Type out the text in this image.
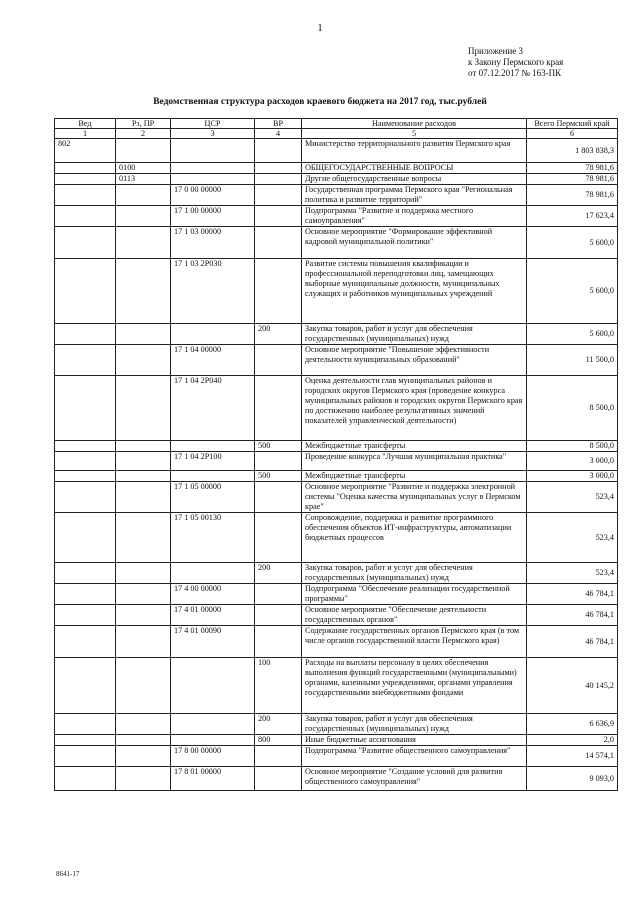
1
Приложение 3
к Закону Пермского края
от 07.12.2017 № 163-ПК
Ведомственная структура расходов краевого бюджета на 2017 год, тыс.рублей
Вед	Рз, ПР	ЦСР	ВР	Наименование расходов	Всего Пермский край
1	2	3	4	5	6
802				Министерство территориального развития Пермского края	1 803 838,3
	0100			ОБЩЕГОСУДАРСТВЕННЫЕ ВОПРОСЫ	78 981,6
	0113			Другие общегосударственные вопросы	78 981,6
		17 0 00 00000		Государственная программа Пермского края "Региональная политика и развитие территорий"	78 981,6
		17 1 00 00000		Подпрограмма "Развитие и поддержка местного самоуправления"	17 623,4
		17 1 03 00000		Основное мероприятие "Формирование эффективной кадровой муниципальной политики"	5 600,0
		17 1 03 2Р030		Развитие системы повышения квалификации и профессиональной переподготовки лиц, замещающих выборные муниципальные должности, муниципальных служащих и работников муниципальных учреждений	5 600,0
			200	Закупка товаров, работ и услуг для обеспечения государственных (муниципальных) нужд	5 600,0
		17 1 04 00000		Основное мероприятие "Повышение эффективности деятельности муниципальных образований"	11 500,0
		17 1 04 2Р040		Оценка деятельности глав муниципальных районов и городских округов Пермского края (проведение конкурса муниципальных районов и городских округов Пермского края по достижению наиболее результативных значений показателей управленческой деятельности)	8 500,0
			500	Межбюджетные трансферты	8 500,0
		17 1 04 2Р100		Проведение конкурса "Лучшая муниципальная практика"	3 000,0
			500	Межбюджетные трансферты	3 000,0
		17 1 05 00000		Основное мероприятие "Развитие и поддержка электронной системы "Оценка качества муниципальных услуг в Пермском крае"	523,4
		17 1 05 00130		Сопровождение, поддержка и развитие программного обеспечения объектов ИТ-инфраструктуры, автоматизации бюджетных процессов	523,4
			200	Закупка товаров, работ и услуг для обеспечения государственных (муниципальных) нужд	523,4
		17 4 00 00000		Подпрограмма "Обеспечение реализации государственной программы"	46 784,1
		17 4 01 00000		Основное мероприятие "Обеспечение деятельности государственных органов"	46 784,1
		17 4 01 00090		Содержание государственных органов Пермского края (в том числе органов государственной власти Пермского края)	46 784,1
			100	Расходы на выплаты персоналу в целях обеспечения выполнения функций государственными (муниципальными) органами, казенными учреждениями, органами управления государственными внебюджетными фондами	40 145,2
			200	Закупка товаров, работ и услуг для обеспечения государственных (муниципальных) нужд	6 636,9
			800	Иные бюджетные ассигнования	2,0
		17 8 00 00000		Подпрограмма "Развитие общественного самоуправления"	14 574,1
		17 8 01 00000		Основное мероприятие "Создание условий для развития общественного самоуправления"	9 093,0
8641-17
